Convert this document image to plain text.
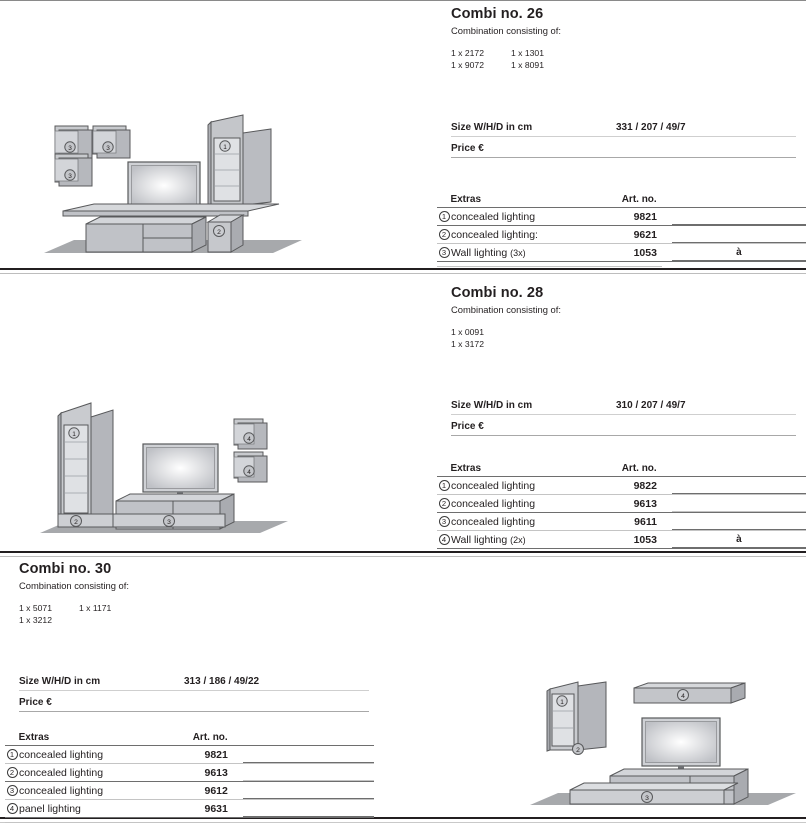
Combi no. 26
Combination consisting of:
1 x 2172	1 x 1301
1 x 9072	1 x 8091
Size W/H/D in cm	331 / 207 / 49/7
Price €
Extras	Art. no.
1 concealed lighting	9821
2 concealed lighting:	9621
3 Wall lighting (3x)	1053	à
3	3
3
1
2
Combi no. 28
Combination consisting of:
1 x 0091
1 x 3172
Size W/H/D in cm	310 / 207 / 49/7
Price €
Extras	Art. no.
1 concealed lighting	9822
2 concealed lighting	9613
3 concealed lighting	9611
4 Wall lighting (2x)	1053	à
1
2	3
4
4
Combi no. 30
Combination consisting of:
1 x 5071	1 x 1171
1 x 3212
Size W/H/D in cm	313 / 186 / 49/22
Price €
Extras	Art. no.
1 concealed lighting	9821
2 concealed lighting	9613
3 concealed lighting	9612
4 panel lighting	9631
1
2
4
3
